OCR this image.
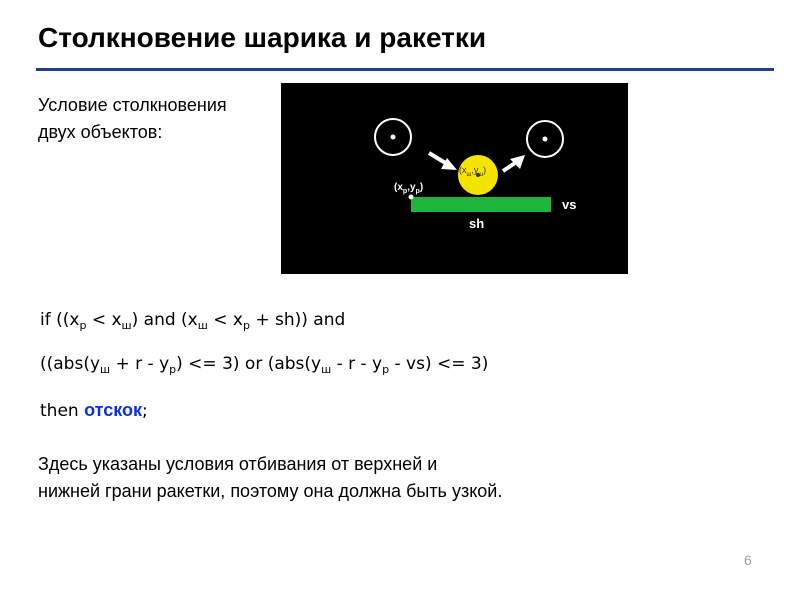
Столкновение шарика и ракетки
Условие столкновения
двух объектов:
$(x_ш,y_ш)$
$(x_p,y_p)$
sh
vs
if ($(x_p < x_ш)$ and $(x_ш < x_p + sh)$) and
($(abs(y_ш + r - y_p) <= 3)$ or $(abs(y_ш - r - y_p - vs) <= 3)$
then отскок;
Здесь указаны условия отбивания от верхней и
нижней грани ракетки, поэтому она должна быть узкой.
6
